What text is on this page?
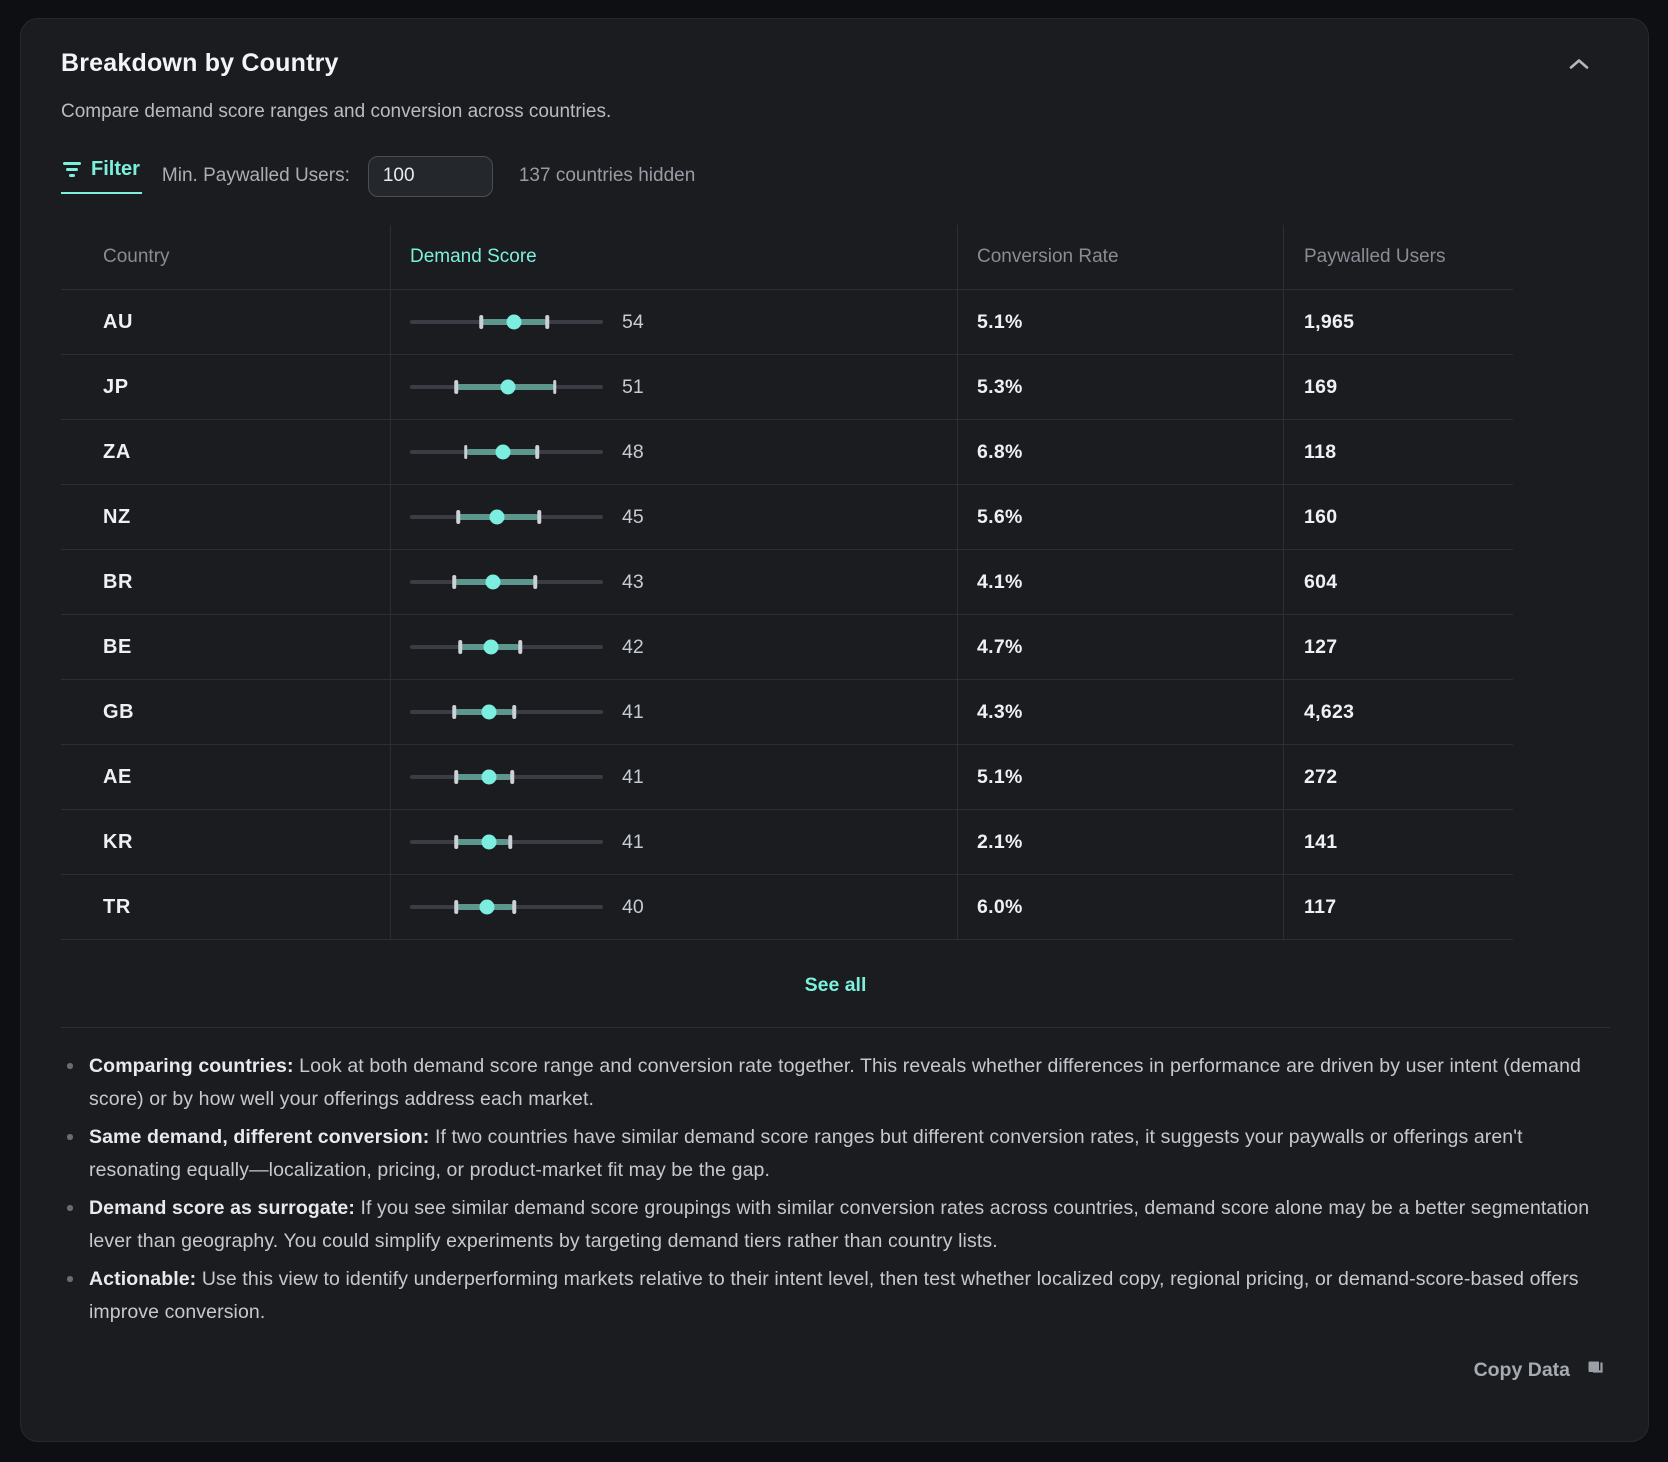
Breakdown by Country
Compare demand score ranges and conversion across countries.
Filter Min. Paywalled Users:
100	137 countries hidden
Country	Demand Score	Conversion Rate	Paywalled Users
AU	54	5.1%	1,965
JP	51	5.3%	169
ZA	48	6.8%	118
NZ	45	5.6%	160
BR	43	4.1%	604
BE	42	4.7%	127
GB	41	4.3%	4,623
AE	41	5.1%	272
KR	41	2.1%	141
TR	40	6.0%	117
See all
Comparing countries: Look at both demand score range and conversion rate together. This reveals whether differences in performance are driven by user intent (demand score) or by how well your offerings address each market.
Same demand, different conversion: If two countries have similar demand score ranges but different conversion rates, it suggests your paywalls or offerings aren't resonating equally—localization, pricing, or product-market fit may be the gap.
Demand score as surrogate: If you see similar demand score groupings with similar conversion rates across countries, demand score alone may be a better segmentation lever than geography. You could simplify experiments by targeting demand tiers rather than country lists.
Actionable: Use this view to identify underperforming markets relative to their intent level, then test whether localized copy, regional pricing, or demand-score-based offers improve conversion.
Copy Data
